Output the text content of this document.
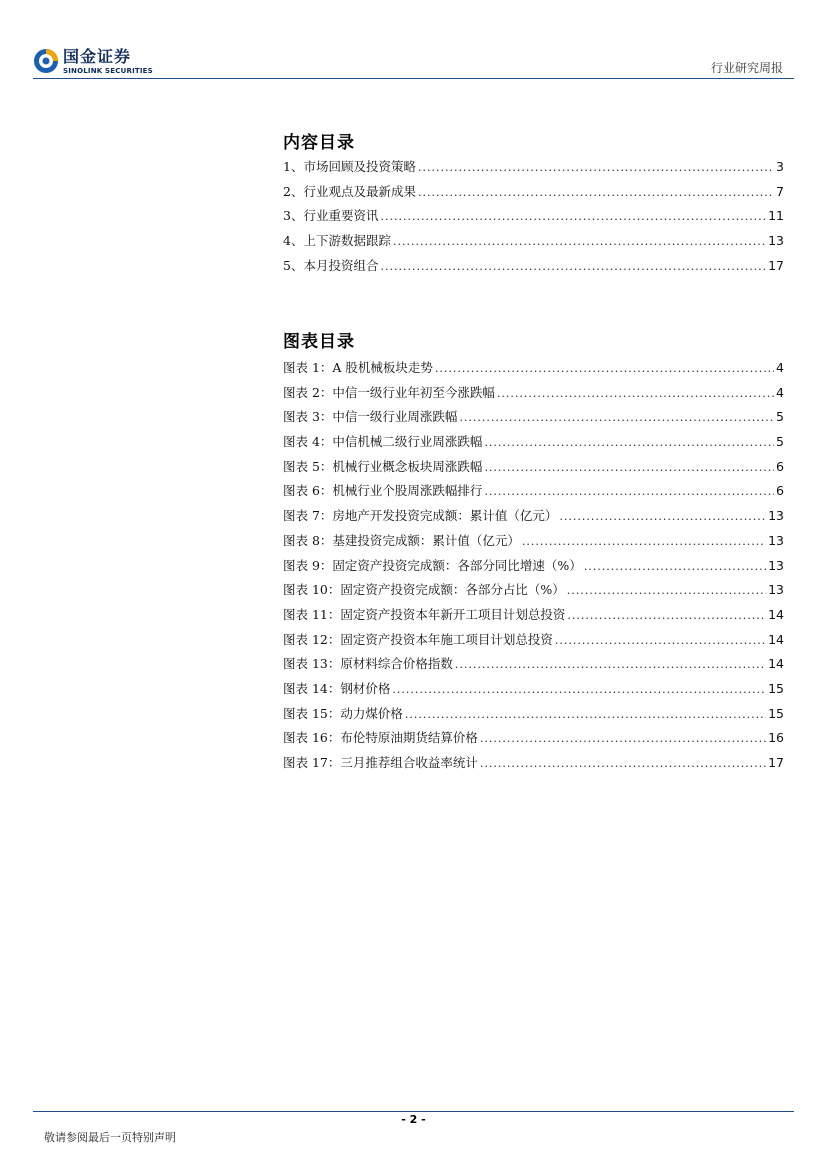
国金证券
SINOLINK SECURITIES	行业研究周报
内容目录
1、市场回顾及投资策略 .....	3
2、行业观点及最新成果 .....	7
3、行业重要资讯 .....	11
4、上下游数据跟踪 .....	13
5、本月投资组合 .....	17
图表目录
图表 1：A 股机械板块走势 .....	4
图表 2：中信一级行业年初至今涨跌幅 .....	4
图表 3：中信一级行业周涨跌幅 .....	5
图表 4：中信机械二级行业周涨跌幅 .....	5
图表 5：机械行业概念板块周涨跌幅 .....	6
图表 6：机械行业个股周涨跌幅排行 .....	6
图表 7：房地产开发投资完成额：累计值（亿元） .....	13
图表 8：基建投资完成额：累计值（亿元） .....	13
图表 9：固定资产投资完成额：各部分同比增速（%） .....	13
图表 10：固定资产投资完成额：各部分占比（%） .....	13
图表 11：固定资产投资本年新开工项目计划总投资 .....	14
图表 12：固定资产投资本年施工项目计划总投资 .....	14
图表 13：原材料综合价格指数 .....	14
图表 14：钢材价格 .....	15
图表 15：动力煤价格 .....	15
图表 16：布伦特原油期货结算价格 .....	16
图表 17：三月推荐组合收益率统计 .....	17
- 2 -
敬请参阅最后一页特别声明
